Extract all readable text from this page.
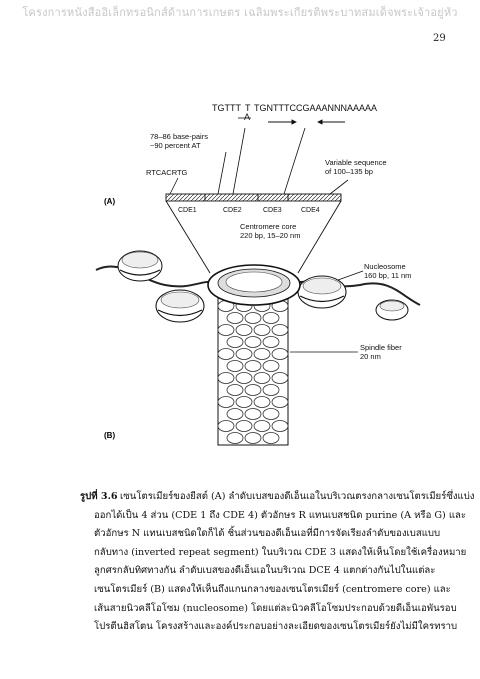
โครงการหนังสืออิเล็กทรอนิกส์ด้านการเกษตร เฉลิมพระเกียรติพระบาทสมเด็จพระเจ้าอยู่หัว
29
TGTTT T TGNTTTCCGAAANNNAAAAA
A
78–86 base-pairs
~90 percent AT
Variable sequence
of 100–135 bp
RTCACRTG
(A)
CDE1	CDE2	CDE3	CDE4
Centromere core
220 bp, 15–20 nm
Nucleosome
160 bp, 11 nm
Spindle fiber
20 nm
(B)
รูปที่ 3.6 เซนโตรเมียร์ของยีสต์ (A) ลำดับเบสของดีเอ็นเอในบริเวณตรงกลางเซนโตรเมียร์ซึ่งแบ่ง
ออกได้เป็น 4 ส่วน (CDE 1 ถึง CDE 4) ตัวอักษร R แทนเบสชนิด purine (A หรือ G) และ
ตัวอักษร N แทนเบสชนิดใดก็ได้ ชิ้นส่วนของดีเอ็นเอที่มีการจัดเรียงลำดับของเบสแบบ
กลับทาง (inverted repeat segment) ในบริเวณ CDE 3 แสดงให้เห็นโดยใช้เครื่องหมาย
ลูกศรกลับทิศทางกัน ลำดับเบสของดีเอ็นเอในบริเวณ DCE 4 แตกต่างกันไปในแต่ละ
เซนโตรเมียร์ (B) แสดงให้เห็นถึงแกนกลางของเซนโตรเมียร์ (centromere core) และ
เส้นสายนิวคลีโอโซม (nucleosome) โดยแต่ละนิวคลีโอโซมประกอบด้วยดีเอ็นเอพันรอบ
โปรตีนฮิสโตน โครงสร้างและองค์ประกอบอย่างละเอียดของเซนโตรเมียร์ยังไม่มีใครทราบ
